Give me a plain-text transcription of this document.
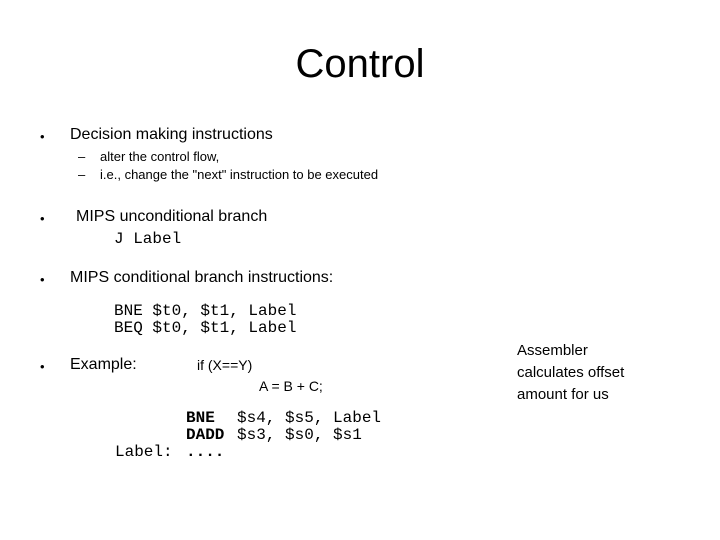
Control
• Decision making instructions
– alter the control flow,
– i.e., change the "next" instruction to be executed
• MIPS unconditional branch
J Label
• MIPS conditional branch instructions:
BNE $t0, $t1, Label
BEQ $t0, $t1, Label
• Example:	if (X==Y)
A = B + C;
BNE $s4, $s5, Label
DADD $s3, $s0, $s1
Label: ....
Assembler calculates offset amount for us
